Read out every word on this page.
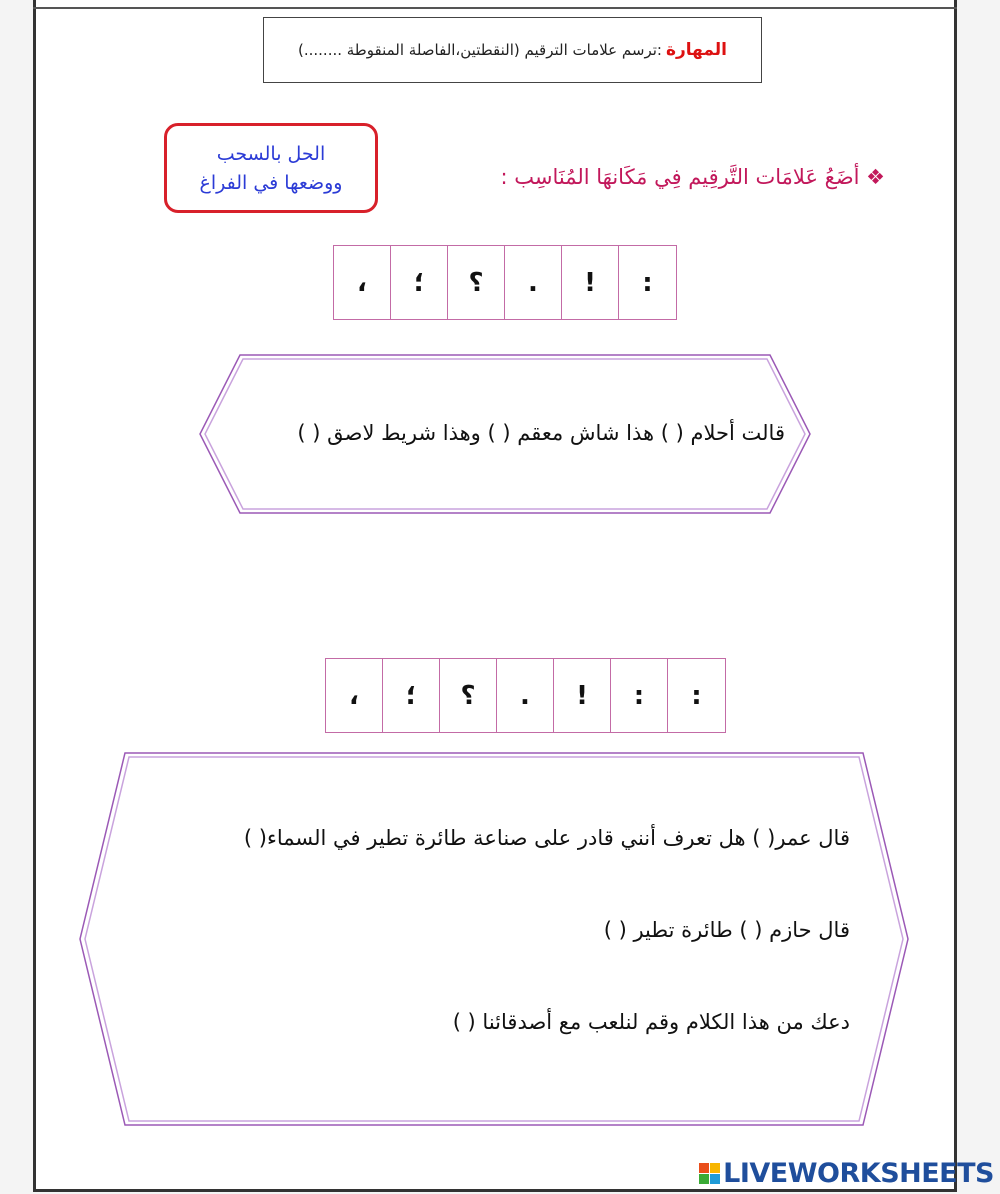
المهارة
:ترسم علامات الترقيم (النقطتين،الفاصلة المنقوطة ........)
الحل بالسحب
ووضعها في الفراغ	❖ أضَعُ عَلامَات التَّرقِيم فِي مَكَانهَا المُنَاسِب :
،	؛	؟	.	!	:
قالت أحلام ( ) هذا شاش معقم ( ) وهذا شريط لاصق ( )
،	؛	؟	.	!	:	:
قال عمر( ) هل تعرف أنني قادر على صناعة طائرة تطير في السماء( )
قال حازم ( ) طائرة تطير ( )
دعك من هذا الكلام وقم لنلعب مع أصدقائنا ( )
LIVEWORKSHEETS
